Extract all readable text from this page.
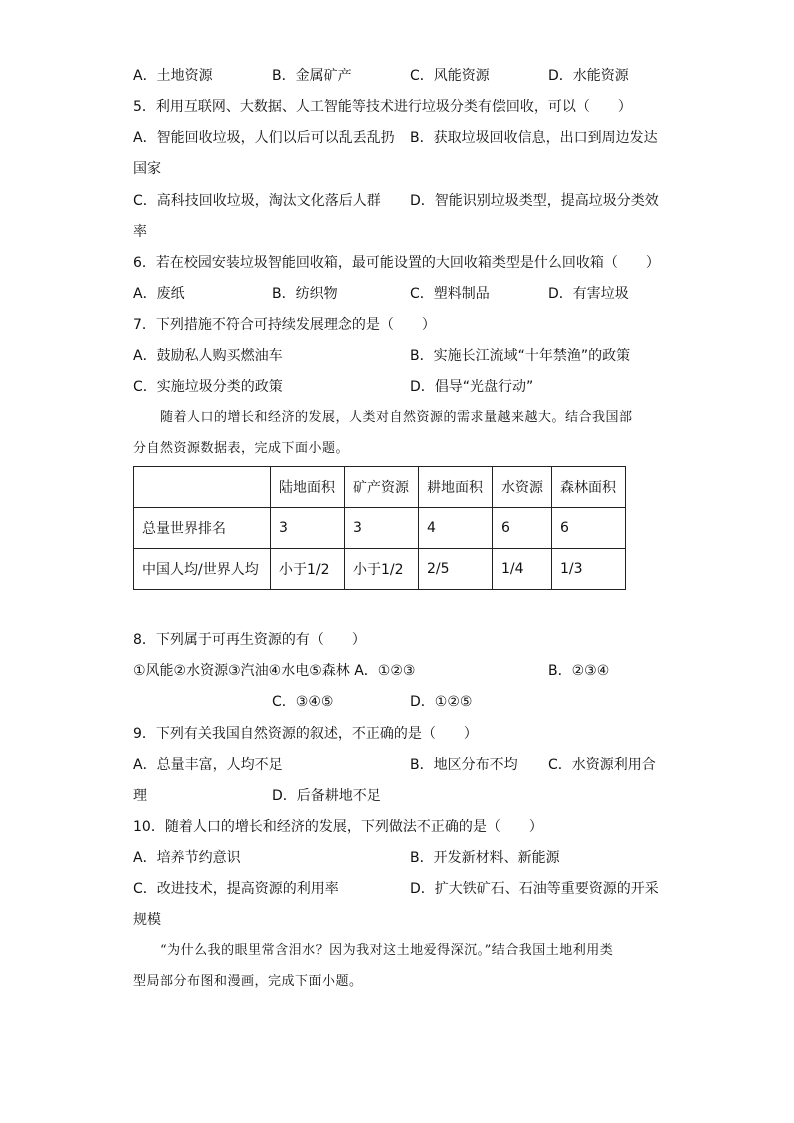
A．土地资源	B．金属矿产	C．风能资源	D．水能资源
5．利用互联网、大数据、人工智能等技术进行垃圾分类有偿回收，可以（　　）
A．智能回收垃圾，人们以后可以乱丢乱扔 B．获取垃圾回收信息，出口到周边发达
国家
C．高科技回收垃圾，淘汰文化落后人群 D．智能识别垃圾类型，提高垃圾分类效
率
6．若在校园安装垃圾智能回收箱，最可能设置的大回收箱类型是什么回收箱（　　）
A．废纸	B．纺织物	C．塑料制品	D．有害垃圾
7．下列措施不符合可持续发展理念的是（　　）
A．鼓励私人购买燃油车	B．实施长江流域“十年禁渔”的政策
C．实施垃圾分类的政策	D．倡导“光盘行动”
随着人口的增长和经济的发展，人类对自然资源的需求量越来越大。结合我国部
分自然资源数据表，完成下面小题。
	陆地面积	矿产资源	耕地面积	水资源	森林面积
总量世界排名	3	3	4	6	6
中国人均/世界人均	小于1/2	小于1/2	2/5	1/4	1/3
8．下列属于可再生资源的有（　　）
①风能②水资源③汽油④水电⑤森林 A．①②③	B．②③④
C．③④⑤	D．①②⑤
9．下列有关我国自然资源的叙述，不正确的是（　　）
A．总量丰富，人均不足	B．地区分布不均 C．水资源利用合
理	D．后备耕地不足
10．随着人口的增长和经济的发展，下列做法不正确的是（　　）
A．培养节约意识	B．开发新材料、新能源
C．改进技术，提高资源的利用率	D．扩大铁矿石、石油等重要资源的开采
规模
“为什么我的眼里常含泪水？因为我对这土地爱得深沉。”结合我国土地利用类
型局部分布图和漫画，完成下面小题。
